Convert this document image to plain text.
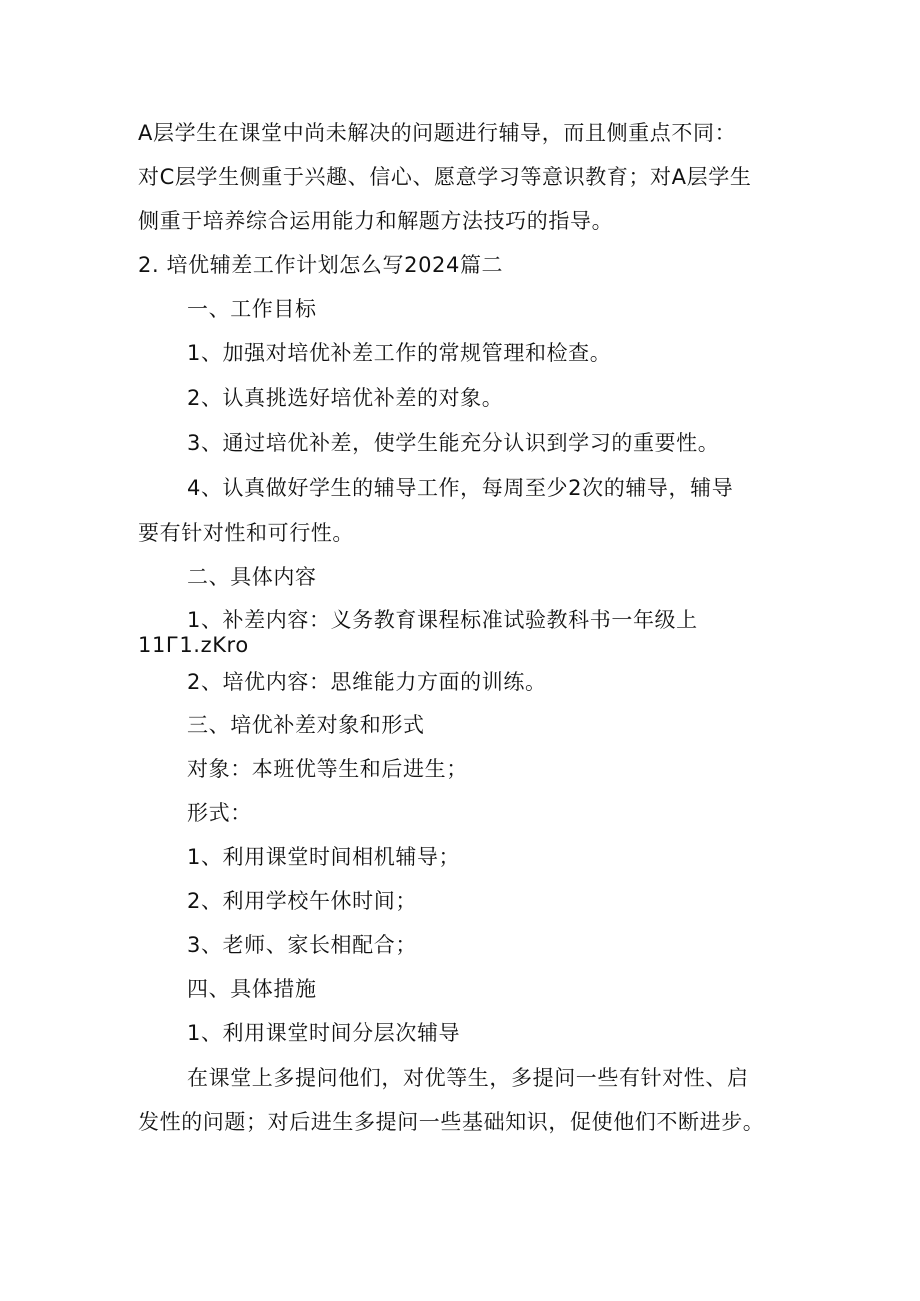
A层学生在课堂中尚未解决的问题进行辅导，而且侧重点不同：
对C层学生侧重于兴趣、信心、愿意学习等意识教育；对A层学生
侧重于培养综合运用能力和解题方法技巧的指导。
2. 培优辅差工作计划怎么写2024篇二
一、工作目标
1、加强对培优补差工作的常规管理和检查。
2、认真挑选好培优补差的对象。
3、通过培优补差，使学生能充分认识到学习的重要性。
4、认真做好学生的辅导工作，每周至少2次的辅导，辅导
要有针对性和可行性。
二、具体内容
1、补差内容：义务教育课程标准试验教科书一年级上
11Г1.zKro
2、培优内容：思维能力方面的训练。
三、培优补差对象和形式
对象：本班优等生和后进生；
形式：
1、利用课堂时间相机辅导；
2、利用学校午休时间；
3、老师、家长相配合；
四、具体措施
1、利用课堂时间分层次辅导
在课堂上多提问他们，对优等生，多提问一些有针对性、启
发性的问题；对后进生多提问一些基础知识，促使他们不断进步。
